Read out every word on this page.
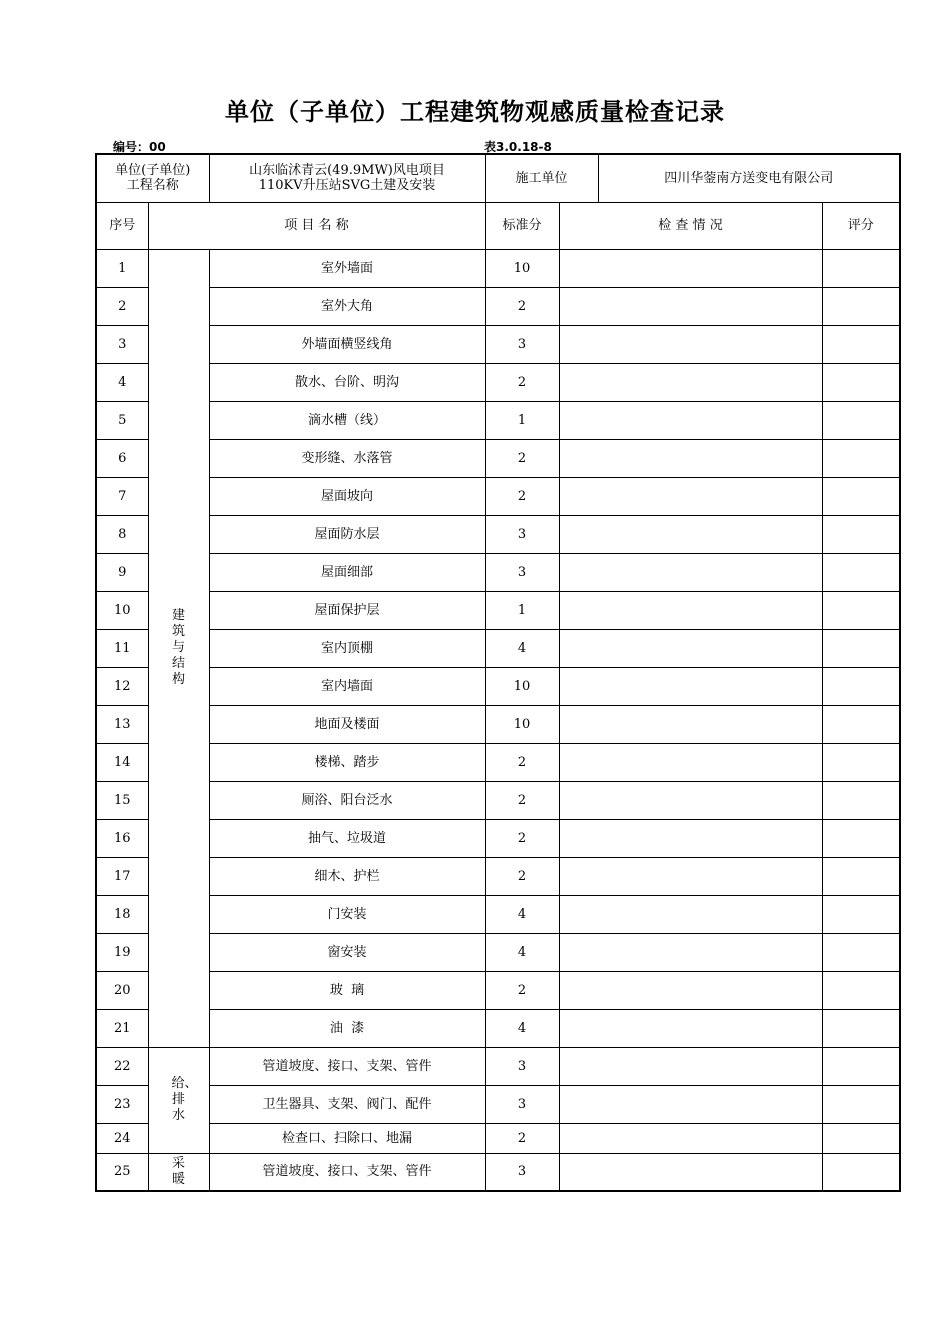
单位（子单位）工程建筑物观感质量检查记录
编号：00	表3.0.18-8
单位(子单位)
工程名称		山东临沭青云(49.9MW)风电项目
110KV升压站SVG土建及安装	施工单位		四川华蓥南方送变电有限公司	
序号	项 目 名 称		标准分	检 查 情 况		评分
1	建筑与结构	室外墙面	10			
2		室外大角	2			
3		外墙面横竖线角	3			
4		散水、台阶、明沟	2			
5		滴水槽（线）	1			
6		变形缝、水落管	2			
7		屋面坡向	2			
8		屋面防水层	3			
9		屋面细部	3			
10		屋面保护层	1			
11		室内顶棚	4			
12		室内墙面	10			
13		地面及楼面	10			
14		楼梯、踏步	2			
15		厕浴、阳台泛水	2			
16		抽气、垃圾道	2			
17		细木、护栏	2			
18		门安装	4			
19		窗安装	4			
20		玻  璃	2			
21		油  漆	4			
22	给、排水	管道坡度、接口、支架、管件	3			
23		卫生器具、支架、阀门、配件	3			
24		检查口、扫除口、地漏	2			
25	采暖	管道坡度、接口、支架、管件	3			
